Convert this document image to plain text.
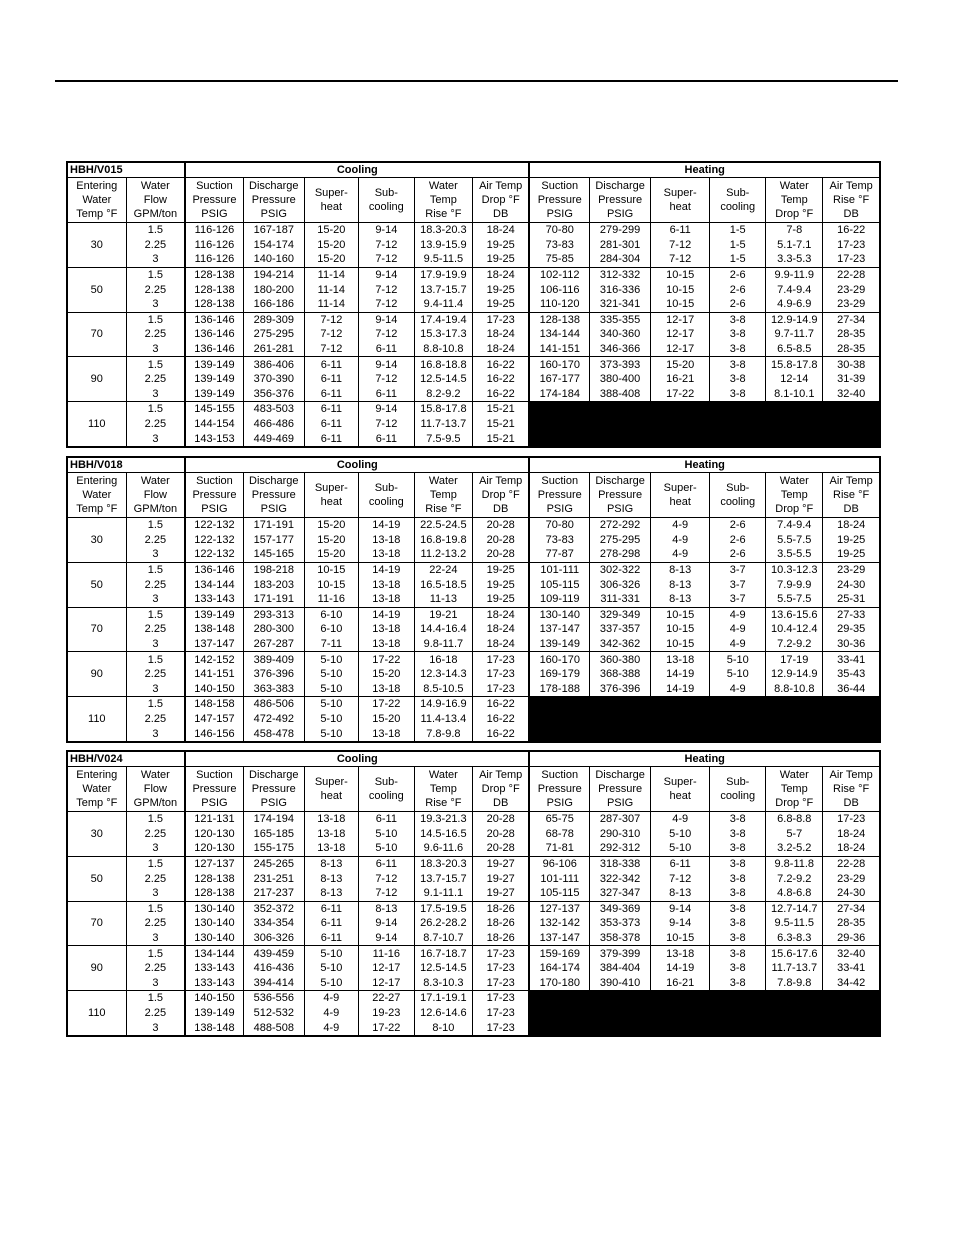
HBH/V015		Cooling						Heating					
Entering
Water
Temp °F	Water
Flow
GPM/ton	Suction
Pressure
PSIG	Discharge
Pressure
PSIG	Super-
heat	Sub-
cooling	Water
Temp
Rise °F	Air Temp
Drop °F
DB	Suction
Pressure
PSIG	Discharge
Pressure
PSIG	Super-
heat	Sub-
cooling	Water
Temp
Drop °F	Air Temp
Rise °F
DB
30	1.5	116-126	167-187	15-20	9-14	18.3-20.3	18-24	70-80	279-299	6-11	1-5	7-8	16-22
	2.25	116-126	154-174	15-20	7-12	13.9-15.9	19-25	73-83	281-301	7-12	1-5	5.1-7.1	17-23
	3	116-126	140-160	15-20	7-12	9.5-11.5	19-25	75-85	284-304	7-12	1-5	3.3-5.3	17-23
50	1.5	128-138	194-214	11-14	9-14	17.9-19.9	18-24	102-112	312-332	10-15	2-6	9.9-11.9	22-28
	2.25	128-138	180-200	11-14	7-12	13.7-15.7	19-25	106-116	316-336	10-15	2-6	7.4-9.4	23-29
	3	128-138	166-186	11-14	7-12	9.4-11.4	19-25	110-120	321-341	10-15	2-6	4.9-6.9	23-29
70	1.5	136-146	289-309	7-12	9-14	17.4-19.4	17-23	128-138	335-355	12-17	3-8	12.9-14.9	27-34
	2.25	136-146	275-295	7-12	7-12	15.3-17.3	18-24	134-144	340-360	12-17	3-8	9.7-11.7	28-35
	3	136-146	261-281	7-12	6-11	8.8-10.8	18-24	141-151	346-366	12-17	3-8	6.5-8.5	28-35
90	1.5	139-149	386-406	6-11	9-14	16.8-18.8	16-22	160-170	373-393	15-20	3-8	15.8-17.8	30-38
	2.25	139-149	370-390	6-11	7-12	12.5-14.5	16-22	167-177	380-400	16-21	3-8	12-14	31-39
	3	139-149	356-376	6-11	6-11	8.2-9.2	16-22	174-184	388-408	17-22	3-8	8.1-10.1	32-40
110	1.5	145-155	483-503	6-11	9-14	15.8-17.8	15-21						
	2.25	144-154	466-486	6-11	7-12	11.7-13.7	15-21						
	3	143-153	449-469	6-11	6-11	7.5-9.5	15-21						
HBH/V018		Cooling						Heating					
Entering
Water
Temp °F	Water
Flow
GPM/ton	Suction
Pressure
PSIG	Discharge
Pressure
PSIG	Super-
heat	Sub-
cooling	Water
Temp
Rise °F	Air Temp
Drop °F
DB	Suction
Pressure
PSIG	Discharge
Pressure
PSIG	Super-
heat	Sub-
cooling	Water
Temp
Drop °F	Air Temp
Rise °F
DB
30	1.5	122-132	171-191	15-20	14-19	22.5-24.5	20-28	70-80	272-292	4-9	2-6	7.4-9.4	18-24
	2.25	122-132	157-177	15-20	13-18	16.8-19.8	20-28	73-83	275-295	4-9	2-6	5.5-7.5	19-25
	3	122-132	145-165	15-20	13-18	11.2-13.2	20-28	77-87	278-298	4-9	2-6	3.5-5.5	19-25
50	1.5	136-146	198-218	10-15	14-19	22-24	19-25	101-111	302-322	8-13	3-7	10.3-12.3	23-29
	2.25	134-144	183-203	10-15	13-18	16.5-18.5	19-25	105-115	306-326	8-13	3-7	7.9-9.9	24-30
	3	133-143	171-191	11-16	13-18	11-13	19-25	109-119	311-331	8-13	3-7	5.5-7.5	25-31
70	1.5	139-149	293-313	6-10	14-19	19-21	18-24	130-140	329-349	10-15	4-9	13.6-15.6	27-33
	2.25	138-148	280-300	6-10	13-18	14.4-16.4	18-24	137-147	337-357	10-15	4-9	10.4-12.4	29-35
	3	137-147	267-287	7-11	13-18	9.8-11.7	18-24	139-149	342-362	10-15	4-9	7.2-9.2	30-36
90	1.5	142-152	389-409	5-10	17-22	16-18	17-23	160-170	360-380	13-18	5-10	17-19	33-41
	2.25	141-151	376-396	5-10	15-20	12.3-14.3	17-23	169-179	368-388	14-19	5-10	12.9-14.9	35-43
	3	140-150	363-383	5-10	13-18	8.5-10.5	17-23	178-188	376-396	14-19	4-9	8.8-10.8	36-44
110	1.5	148-158	486-506	5-10	17-22	14.9-16.9	16-22						
	2.25	147-157	472-492	5-10	15-20	11.4-13.4	16-22						
	3	146-156	458-478	5-10	13-18	7.8-9.8	16-22						
HBH/V024		Cooling						Heating					
Entering
Water
Temp °F	Water
Flow
GPM/ton	Suction
Pressure
PSIG	Discharge
Pressure
PSIG	Super-
heat	Sub-
cooling	Water
Temp
Rise °F	Air Temp
Drop °F
DB	Suction
Pressure
PSIG	Discharge
Pressure
PSIG	Super-
heat	Sub-
cooling	Water
Temp
Drop °F	Air Temp
Rise °F
DB
30	1.5	121-131	174-194	13-18	6-11	19.3-21.3	20-28	65-75	287-307	4-9	3-8	6.8-8.8	17-23
	2.25	120-130	165-185	13-18	5-10	14.5-16.5	20-28	68-78	290-310	5-10	3-8	5-7	18-24
	3	120-130	155-175	13-18	5-10	9.6-11.6	20-28	71-81	292-312	5-10	3-8	3.2-5.2	18-24
50	1.5	127-137	245-265	8-13	6-11	18.3-20.3	19-27	96-106	318-338	6-11	3-8	9.8-11.8	22-28
	2.25	128-138	231-251	8-13	7-12	13.7-15.7	19-27	101-111	322-342	7-12	3-8	7.2-9.2	23-29
	3	128-138	217-237	8-13	7-12	9.1-11.1	19-27	105-115	327-347	8-13	3-8	4.8-6.8	24-30
70	1.5	130-140	352-372	6-11	8-13	17.5-19.5	18-26	127-137	349-369	9-14	3-8	12.7-14.7	27-34
	2.25	130-140	334-354	6-11	9-14	26.2-28.2	18-26	132-142	353-373	9-14	3-8	9.5-11.5	28-35
	3	130-140	306-326	6-11	9-14	8.7-10.7	18-26	137-147	358-378	10-15	3-8	6.3-8.3	29-36
90	1.5	134-144	439-459	5-10	11-16	16.7-18.7	17-23	159-169	379-399	13-18	3-8	15.6-17.6	32-40
	2.25	133-143	416-436	5-10	12-17	12.5-14.5	17-23	164-174	384-404	14-19	3-8	11.7-13.7	33-41
	3	133-143	394-414	5-10	12-17	8.3-10.3	17-23	170-180	390-410	16-21	3-8	7.8-9.8	34-42
110	1.5	140-150	536-556	4-9	22-27	17.1-19.1	17-23						
	2.25	139-149	512-532	4-9	19-23	12.6-14.6	17-23						
	3	138-148	488-508	4-9	17-22	8-10	17-23						
